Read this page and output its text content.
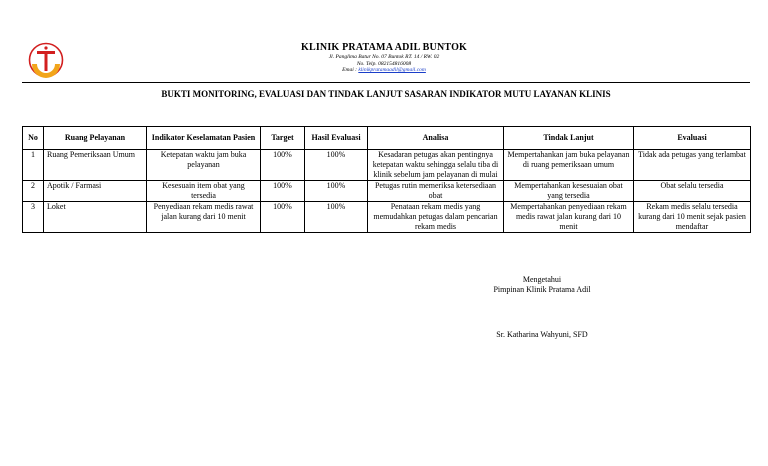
KLINIK PRATAMA ADIL BUNTOK
Jl. Panglima Batur No. 07 Buntok RT. 14 / RW. 02
No. Telp. 082154816008
Emai : klinikpratamaadil@gmail.com
BUKTI MONITORING, EVALUASI DAN TINDAK LANJUT SASARAN INDIKATOR MUTU LAYANAN KLINIS
No	Ruang Pelayanan	Indikator Keselamatan Pasien	Target	Hasil Evaluasi	Analisa	Tindak Lanjut	Evaluasi
1	Ruang Pemeriksaan Umum	Ketepatan waktu jam buka pelayanan	100%	100%	Kesadaran petugas akan pentingnya ketepatan waktu sehingga selalu tiba di klinik sebelum jam pelayanan di mulai	Mempertahankan jam buka pelayanan di ruang pemeriksaan umum	Tidak ada petugas yang terlambat
2	Apotik / Farmasi	Kesesuain item obat yang tersedia	100%	100%	Petugas rutin memeriksa ketersediaan obat	Mempertahankan kesesuaian obat yang tersedia	Obat selalu tersedia
3	Loket	Penyediaan rekam medis rawat jalan kurang dari 10 menit	100%	100%	Penataan rekam medis yang memudahkan petugas dalam pencarian rekam medis	Mempertahankan penyediaan rekam medis rawat jalan kurang dari 10 menit	Rekam medis selalu tersedia kurang dari 10 menit sejak pasien mendaftar
Mengetahui
Pimpinan Klinik Pratama Adil
Sr. Katharina Wahyuni, SFD
